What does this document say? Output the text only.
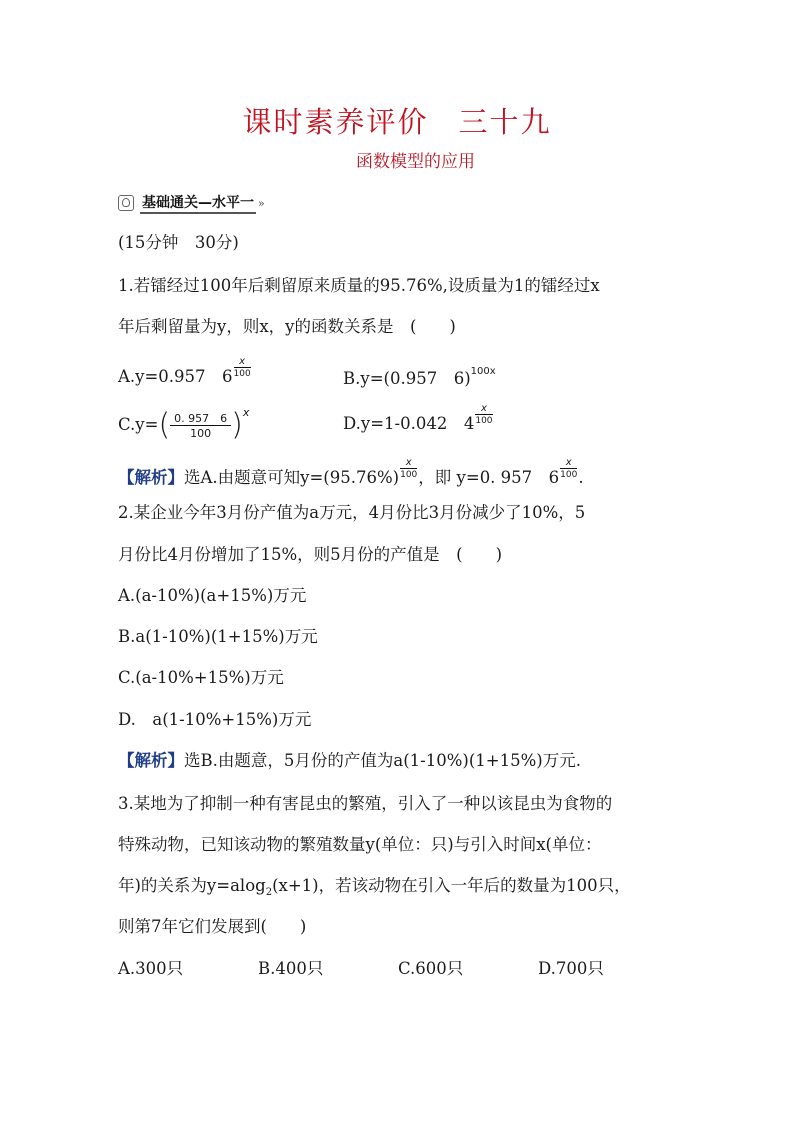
课时素养评价 三十九
函数模型的应用
基础通关—水平一 »
(15分钟　30分)
1.若镭经过100年后剩留原来质量的95.76%,设质量为1的镭经过x
年后剩留量为y，则x，y的函数关系是　(　　)
A.y=0.957　$6 \frac{x}{100}$	B.y=(0.957　6)$^{100x}$
$C.y=( \frac{0. 957 6}{100} )^x$
D.y=1-0.042　$4 \frac{x}{100}$
【解析】选A.由题意可知$y=(95.76\%) \frac{x}{100}$ ，即 y=0. 957　$6 \frac{x}{100}$ .
2.某企业今年3月份产值为a万元，4月份比3月份减少了10%，5
月份比4月份增加了15%，则5月份的产值是　(　　)
A.(a-10%)(a+15%)万元
B.a(1-10%)(1+15%)万元
C.(a-10%+15%)万元
D.　a(1-10%+15%)万元
【解析】选B.由题意，5月份的产值为a(1-10%)(1+15%)万元.
3.某地为了抑制一种有害昆虫的繁殖，引入了一种以该昆虫为食物的
特殊动物，已知该动物的繁殖数量y(单位：只)与引入时间x(单位：
年)的关系为y=alog$_2$(x+1)，若该动物在引入一年后的数量为100只，
则第7年它们发展到(　　)
A.300只	B.400只	C.600只	D.700只
